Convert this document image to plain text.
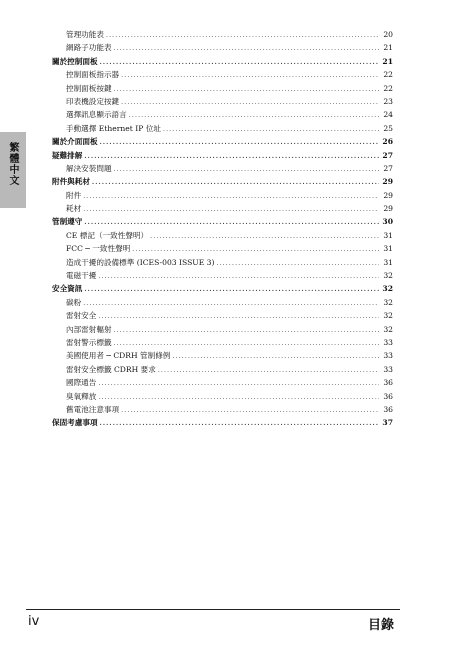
繁體中文
管理功能表 .....	20
網路子功能表 .....	21
關於控制面板 .....	21
控制面板指示器 .....	22
控制面板按鍵 .....	22
印表機設定按鍵 .....	23
選擇訊息顯示語言 .....	24
手動選擇 Ethernet IP 位址 .....	25
關於介面面板 .....	26
疑難排解 .....	27
解決安裝問題 .....	27
附件與耗材 .....	29
附件 .....	29
耗材 .....	29
管制遵守 .....	30
CE 標記（一致性聲明） .....	31
FCC ─ 一致性聲明 .....	31
造成干擾的設備標準 (ICES-003 ISSUE 3) .....	31
電磁干擾 .....	32
安全資訊 .....	32
碳粉 .....	32
雷射安全 .....	32
內部雷射輻射 .....	32
雷射警示標籤 .....	33
美國使用者 ─ CDRH 管制條例 .....	33
雷射安全標籤 CDRH 要求 .....	33
國際通告 .....	36
臭氧釋放 .....	36
舊電池注意事項 .....	36
保固考慮事項 .....	37
iv	目錄
